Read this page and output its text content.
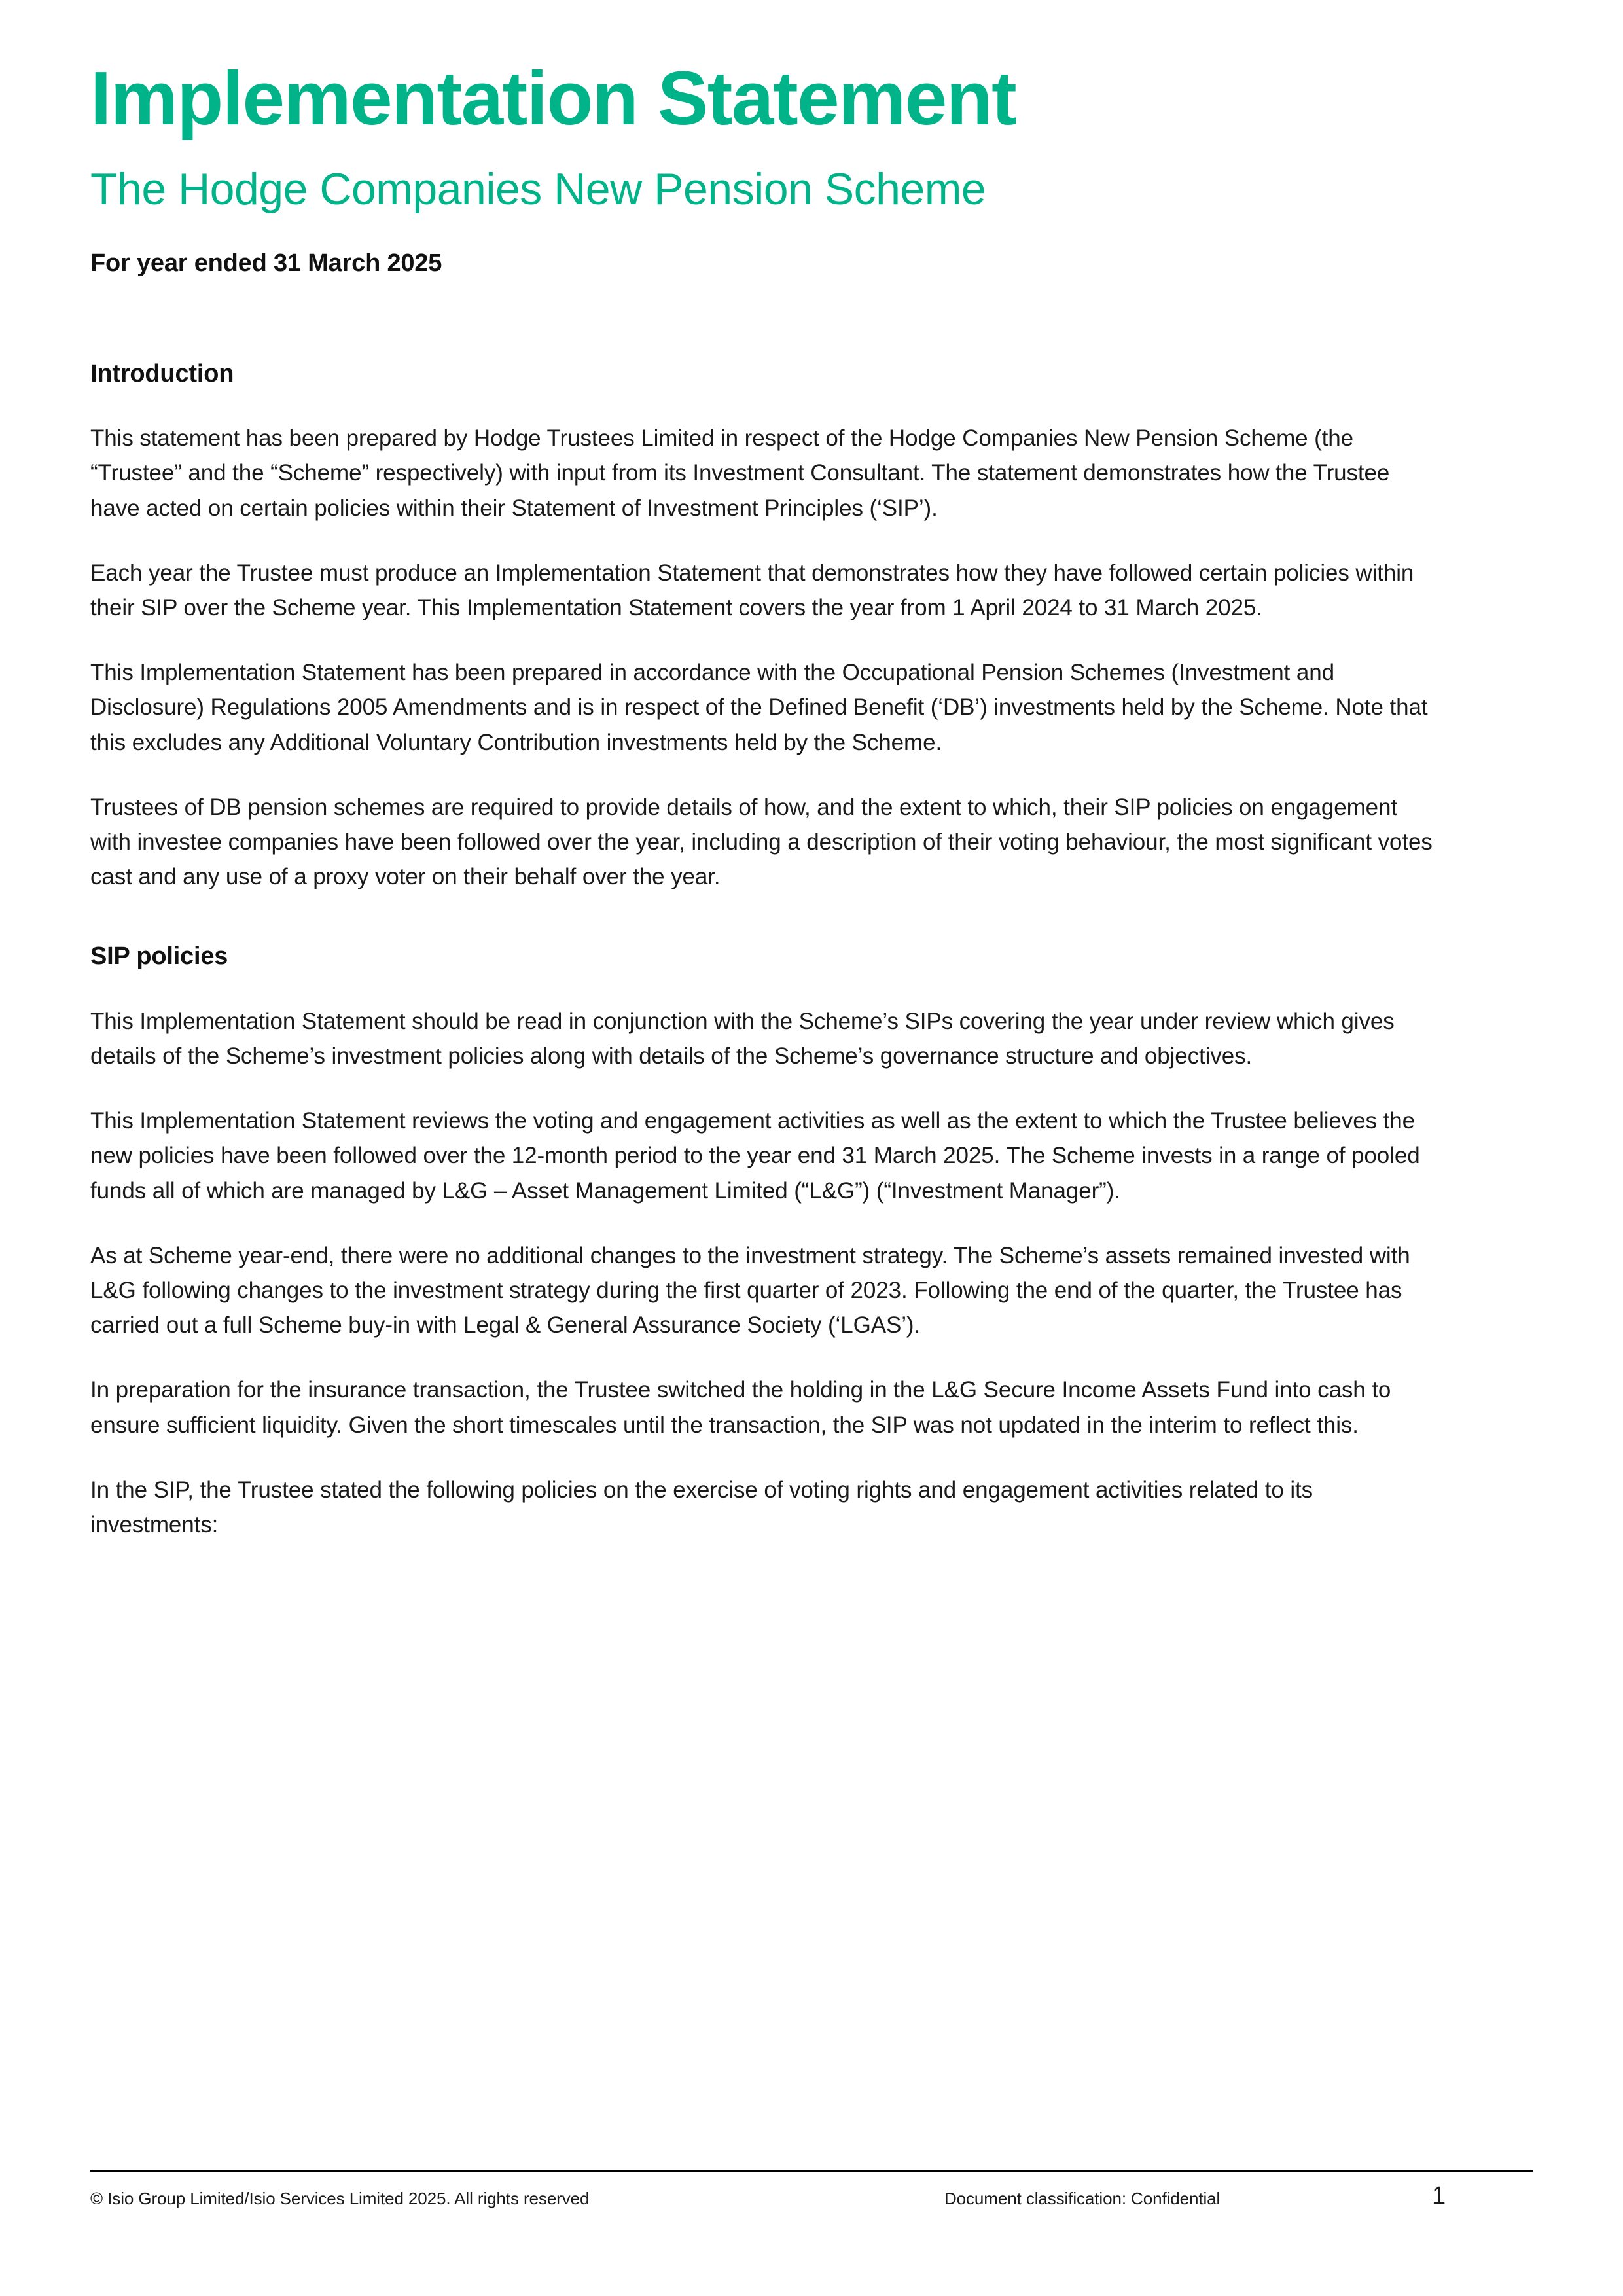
Implementation Statement
The Hodge Companies New Pension Scheme
For year ended 31 March 2025
Introduction

This statement has been prepared by Hodge Trustees Limited in respect of the Hodge Companies New Pension Scheme (the “Trustee” and the “Scheme” respectively) with input from its Investment Consultant. The statement demonstrates how the Trustee have acted on certain policies within their Statement of Investment Principles (‘SIP’).

Each year the Trustee must produce an Implementation Statement that demonstrates how they have followed certain policies within their SIP over the Scheme year. This Implementation Statement covers the year from 1 April 2024 to 31 March 2025.

This Implementation Statement has been prepared in accordance with the Occupational Pension Schemes (Investment and Disclosure) Regulations 2005 Amendments and is in respect of the Defined Benefit (‘DB’) investments held by the Scheme. Note that this excludes any Additional Voluntary Contribution investments held by the Scheme.

Trustees of DB pension schemes are required to provide details of how, and the extent to which, their SIP policies on engagement with investee companies have been followed over the year, including a description of their voting behaviour, the most significant votes cast and any use of a proxy voter on their behalf over the year.

SIP policies

This Implementation Statement should be read in conjunction with the Scheme’s SIPs covering the year under review which gives details of the Scheme’s investment policies along with details of the Scheme’s governance structure and objectives.

This Implementation Statement reviews the voting and engagement activities as well as the extent to which the Trustee believes the new policies have been followed over the 12-month period to the year end 31 March 2025. The Scheme invests in a range of pooled funds all of which are managed by L&G – Asset Management Limited (“L&G”) (“Investment Manager”).

As at Scheme year-end, there were no additional changes to the investment strategy. The Scheme’s assets remained invested with L&G following changes to the investment strategy during the first quarter of 2023. Following the end of the quarter, the Trustee has carried out a full Scheme buy-in with Legal & General Assurance Society (‘LGAS’).

In preparation for the insurance transaction, the Trustee switched the holding in the L&G Secure Income Assets Fund into cash to ensure sufficient liquidity. Given the short timescales until the transaction, the SIP was not updated in the interim to reflect this.

In the SIP, the Trustee stated the following policies on the exercise of voting rights and engagement activities related to its investments:

© Isio Group Limited/Isio Services Limited 2025. All rights reserved	Document classification: Confidential	1
